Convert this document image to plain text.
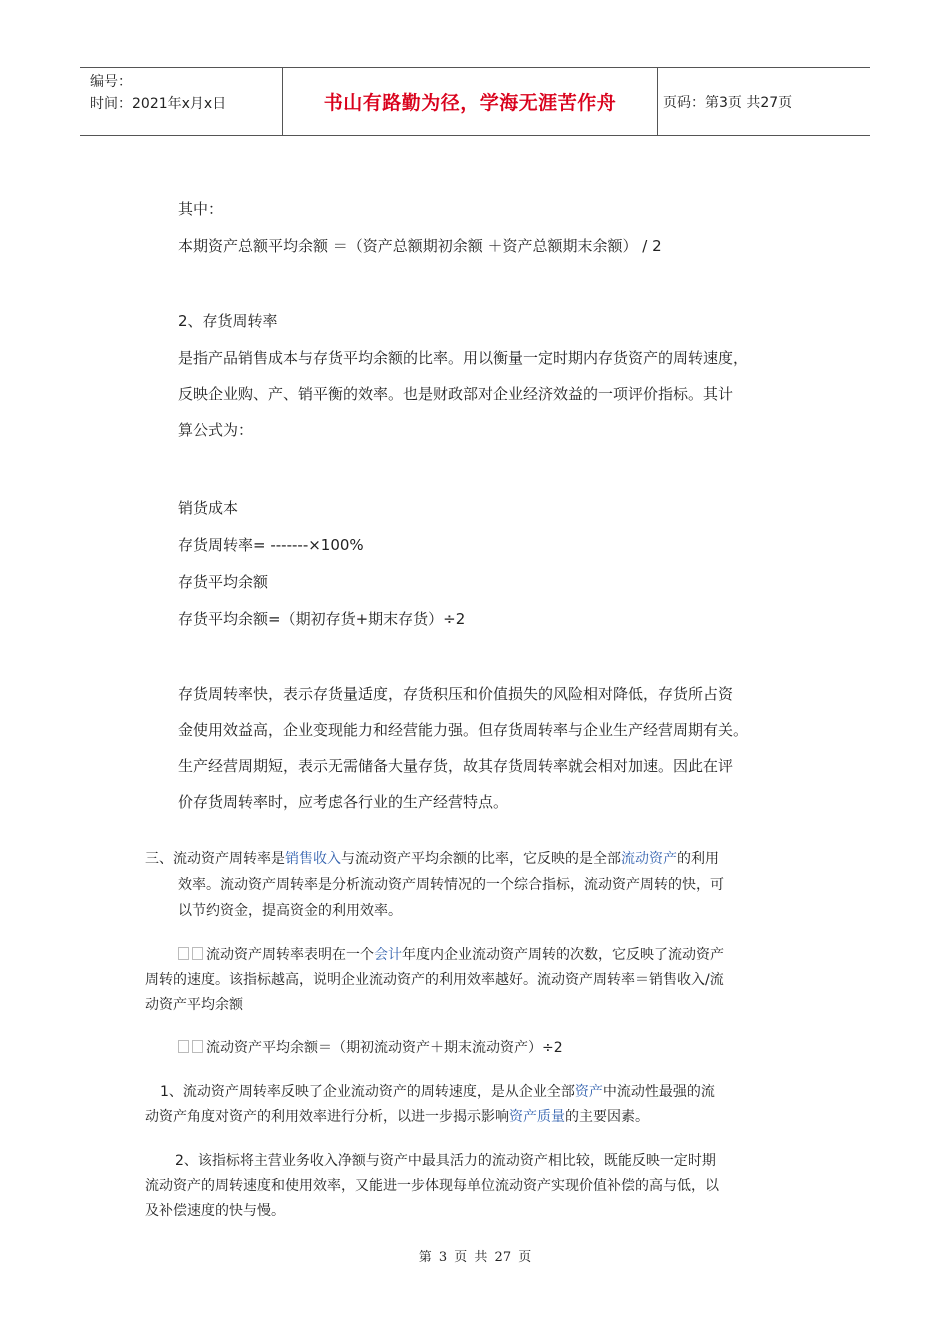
编号：
时间：2021年x月x日	书山有路勤为径，学海无涯苦作舟	页码：第3页 共27页
其中：
本期资产总额平均余额 ＝（资产总额期初余额 ＋资产总额期末余额） / 2
2、存货周转率
是指产品销售成本与存货平均余额的比率。用以衡量一定时期内存货资产的周转速度，
反映企业购、产、销平衡的效率。也是财政部对企业经济效益的一项评价指标。其计
算公式为：
销货成本
存货周转率= -------×100%
存货平均余额
存货平均余额=（期初存货+期末存货）÷2
存货周转率快，表示存货量适度，存货积压和价值损失的风险相对降低，存货所占资
金使用效益高，企业变现能力和经营能力强。但存货周转率与企业生产经营周期有关。
生产经营周期短，表示无需储备大量存货，故其存货周转率就会相对加速。因此在评
价存货周转率时，应考虑各行业的生产经营特点。
三、流动资产周转率是销售收入与流动资产平均余额的比率，它反映的是全部流动资产的利用
效率。流动资产周转率是分析流动资产周转情况的一个综合指标，流动资产周转的快，可
以节约资金，提高资金的利用效率。
流动资产周转率表明在一个会计年度内企业流动资产周转的次数，它反映了流动资产
周转的速度。该指标越高，说明企业流动资产的利用效率越好。流动资产周转率＝销售收入/流
动资产平均余额
流动资产平均余额＝（期初流动资产＋期末流动资产）÷2
1、流动资产周转率反映了企业流动资产的周转速度，是从企业全部资产中流动性最强的流
动资产角度对资产的利用效率进行分析，以进一步揭示影响资产质量的主要因素。
2、该指标将主营业务收入净额与资产中最具活力的流动资产相比较，既能反映一定时期
流动资产的周转速度和使用效率，又能进一步体现每单位流动资产实现价值补偿的高与低，以
及补偿速度的快与慢。
第 3 页 共 27 页
